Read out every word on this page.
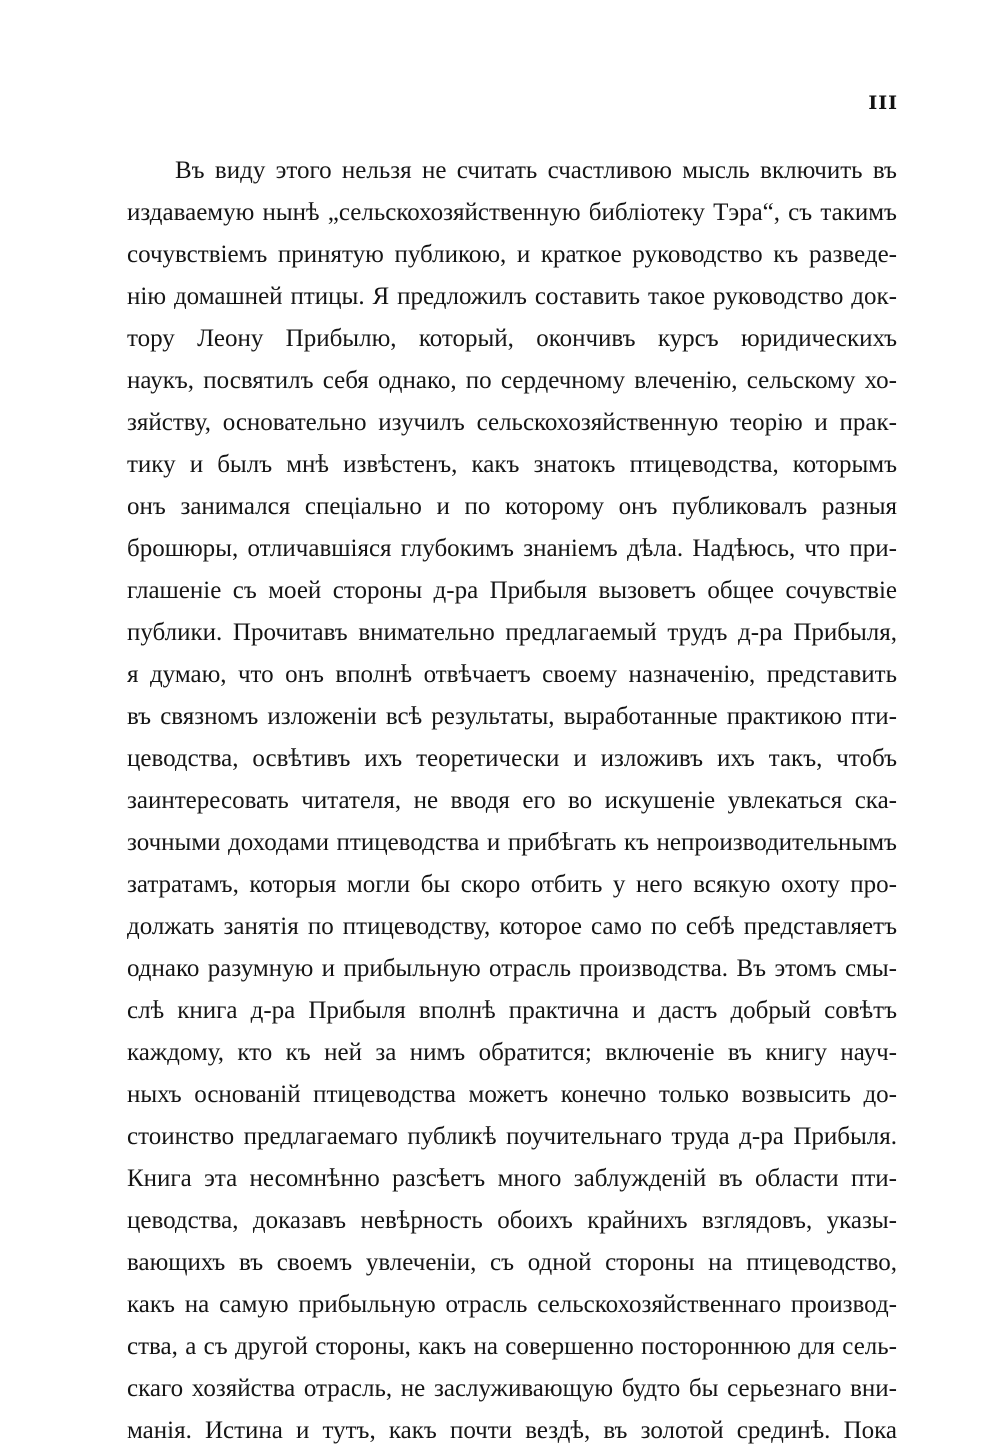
III
Въ виду этого нельзя не считать счастливою мысль включить въ
издаваемую нынѣ „сельскохозяйственную библіотеку Тэра“, съ такимъ
сочувствіемъ принятую публикою, и краткое руководство къ разведе-
нію домашней птицы. Я предложилъ составить такое руководство док-
тору Леону Прибылю, который, окончивъ курсъ юридическихъ
наукъ, посвятилъ себя однако, по сердечному влеченію, сельскому хо-
зяйству, основательно изучилъ сельскохозяйственную теорію и прак-
тику и былъ мнѣ извѣстенъ, какъ знатокъ птицеводства, которымъ
онъ занимался спеціально и по которому онъ публиковалъ разныя
брошюры, отличавшіяся глубокимъ знаніемъ дѣла. Надѣюсь, что при-
глашеніе съ моей стороны д-ра Прибыля вызоветъ общее сочувствіе
публики. Прочитавъ внимательно предлагаемый трудъ д-ра Прибыля,
я думаю, что онъ вполнѣ отвѣчаетъ своему назначенію, представить
въ связномъ изложеніи всѣ результаты, выработанные практикою пти-
цеводства, освѣтивъ ихъ теоретически и изложивъ ихъ такъ, чтобъ
заинтересовать читателя, не вводя его во искушеніе увлекаться ска-
зочными доходами птицеводства и прибѣгать къ непроизводительнымъ
затратамъ, которыя могли бы скоро отбить у него всякую охоту про-
должать занятія по птицеводству, которое само по себѣ представляетъ
однако разумную и прибыльную отрасль производства. Въ этомъ смы-
слѣ книга д-ра Прибыля вполнѣ практична и дастъ добрый совѣтъ
каждому, кто къ ней за нимъ обратится; включеніе въ книгу науч-
ныхъ основаній птицеводства можетъ конечно только возвысить до-
стоинство предлагаемаго публикѣ поучительнаго труда д-ра Прибыля.
Книга эта несомнѣнно разсѣетъ много заблужденій въ области пти-
цеводства, доказавъ невѣрность обоихъ крайнихъ взглядовъ, указы-
вающихъ въ своемъ увлеченіи, съ одной стороны на птицеводство,
какъ на самую прибыльную отрасль сельскохозяйственнаго производ-
ства, а съ другой стороны, какъ на совершенно постороннюю для сель-
скаго хозяйства отрасль, не заслуживающую будто бы серьезнаго вни-
манія. Истина и тутъ, какъ почти вездѣ, въ золотой срединѣ. Пока
